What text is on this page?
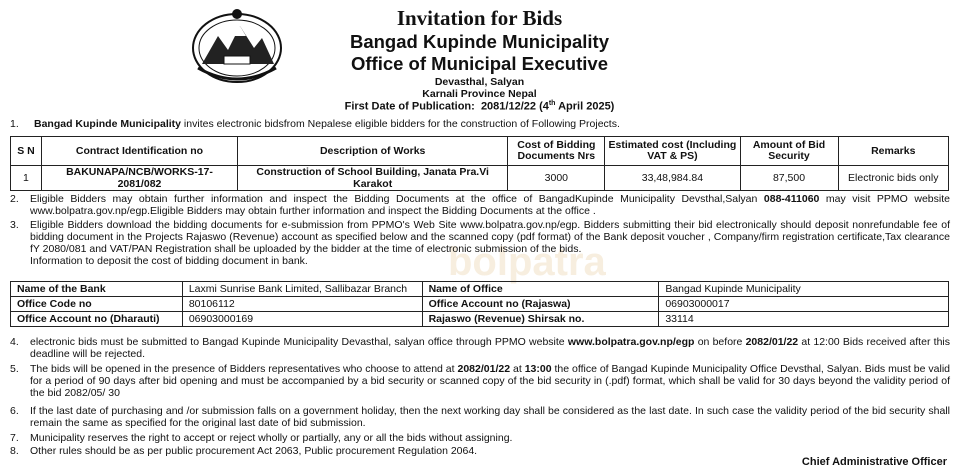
Invitation for Bids
Bangad Kupinde Municipality
Office of Municipal Executive
Devasthal, Salyan
Karnali Province Nepal
First Date of Publication: 2081/12/22 (4th April 2025)
bolpatra
1. Bangad Kupinde Municipality invites electronic bidsfrom Nepalese eligible bidders for the construction of Following Projects.
S N	Contract Identification no	Description of Works	Cost of Bidding Documents Nrs	Estimated cost (Including VAT & PS)	Amount of Bid Security	Remarks
1	BAKUNAPA/NCB/WORKS-17-2081/082	Construction of School Building, Janata Pra.Vi Karakot	3000	33,48,984.84	87,500	Electronic bids only
2. Eligible Bidders may obtain further information and inspect the Bidding Documents at the office of BangadKupinde Municipality Devsthal,Salyan 088-411060 may visit PPMO website www.bolpatra.gov.np/egp.Eligible Bidders may obtain further information and inspect the Bidding Documents at the office .
3. Eligible Bidders download the bidding documents for e-submission from PPMO's Web Site www.bolpatra.gov.np/egp. Bidders submitting their bid electronically should deposit nonrefundable fee of bidding document in the Projects Rajaswo (Revenue) account as specified below and the scanned copy (pdf format) of the Bank deposit voucher , Company/firm registration certificate,Tax clearance fY 2080/081 and VAT/PAN Registration shall be uploaded by the bidder at the time of electronic submission of the bids.
Information to deposit the cost of bidding document in bank.
Name of the Bank	Laxmi Sunrise Bank Limited, Sallibazar Branch	Name of Office	Bangad Kupinde Municipality
Office Code no	80106112	Office Account no (Rajaswa)	06903000017
Office Account no (Dharauti)	06903000169	Rajaswo (Revenue) Shirsak no.	33114
4. electronic bids must be submitted to Bangad Kupinde Municipality Devasthal, salyan office through PPMO website www.bolpatra.gov.np/egp on before 2082/01/22 at 12:00 Bids received after this deadline will be rejected.
5. The bids will be opened in the presence of Bidders representatives who choose to attend at 2082/01/22 at 13:00 the office of Bangad Kupinde Municipality Office Devsthal, Salyan. Bids must be valid for a period of 90 days after bid opening and must be accompanied by a bid security or scanned copy of the bid security in (.pdf) format, which shall be valid for 30 days beyond the validity period of the bid 2082/05/ 30
6. If the last date of purchasing and /or submission falls on a government holiday, then the next working day shall be considered as the last date. In such case the validity period of the bid security shall remain the same as specified for the original last date of bid submission.
7. Municipality reserves the right to accept or reject wholly or partially, any or all the bids without assigning.
8. Other rules should be as per public procurement Act 2063, Public procurement Regulation 2064.
Chief Administrative Officer
